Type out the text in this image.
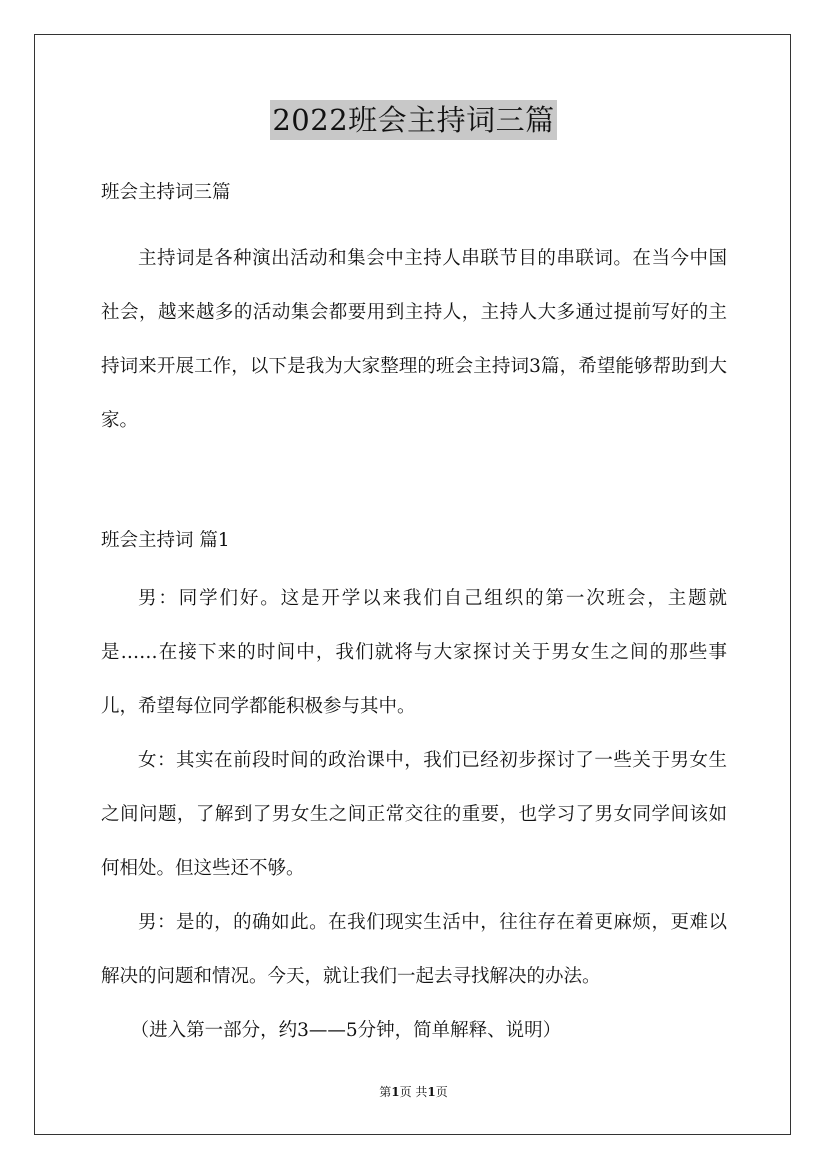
2022班会主持词三篇

班会主持词三篇

主持词是各种演出活动和集会中主持人串联节目的串联词。在当今中国社会，越来越多的活动集会都要用到主持人，主持人大多通过提前写好的主持词来开展工作，以下是我为大家整理的班会主持词3篇，希望能够帮助到大家。

班会主持词 篇1

男：同学们好。这是开学以来我们自己组织的第一次班会，主题就是……在接下来的时间中，我们就将与大家探讨关于男女生之间的那些事儿，希望每位同学都能积极参与其中。

女：其实在前段时间的政治课中，我们已经初步探讨了一些关于男女生之间问题，了解到了男女生之间正常交往的重要，也学习了男女同学间该如何相处。但这些还不够。

男：是的，的确如此。在我们现实生活中，往往存在着更麻烦，更难以解决的问题和情况。今天，就让我们一起去寻找解决的办法。

（进入第一部分，约3——5分钟，简单解释、说明）

第1页 共1页
